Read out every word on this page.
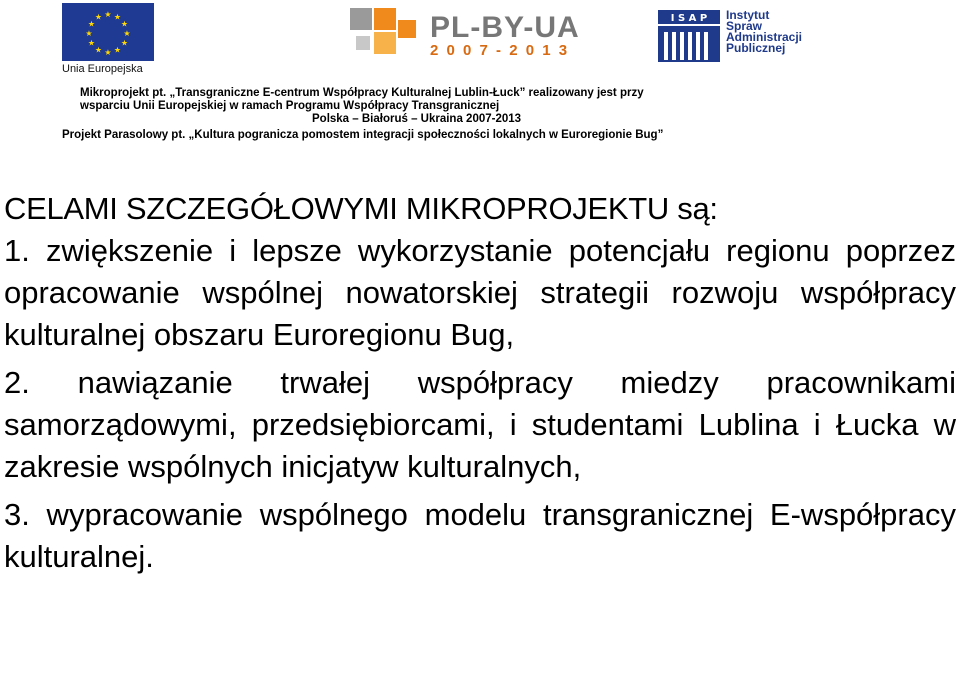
★ ★
★
★
★
★
★
★
★
★
★
★
Unia Europejska
PL-BY-UA
2 0 0 7 - 2 0 1 3
I S A P Instytut
Spraw
Administracji
Publicznej
Mikroprojekt pt. „Transgraniczne E-centrum Współpracy Kulturalnej Lublin-Łuck” realizowany jest przy
wsparciu Unii Europejskiej w ramach Programu Współpracy Transgranicznej
Polska – Białoruś – Ukraina 2007-2013
Projekt Parasolowy pt. „Kultura pogranicza pomostem integracji społeczności lokalnych w Euroregionie Bug”
CELAMI SZCZEGÓŁOWYMI MIKROPROJEKTU są:

1. zwiększenie i lepsze wykorzystanie potencjału regionu poprzez opracowanie wspólnej nowatorskiej strategii rozwoju współpracy kulturalnej obszaru Euroregionu Bug,

2. nawiązanie trwałej współpracy miedzy pracownikami samorządowymi, przedsiębiorcami, i studentami Lublina i Łucka w zakresie wspólnych inicjatyw kulturalnych,

3. wypracowanie wspólnego modelu transgranicznej E-współpracy kulturalnej.
